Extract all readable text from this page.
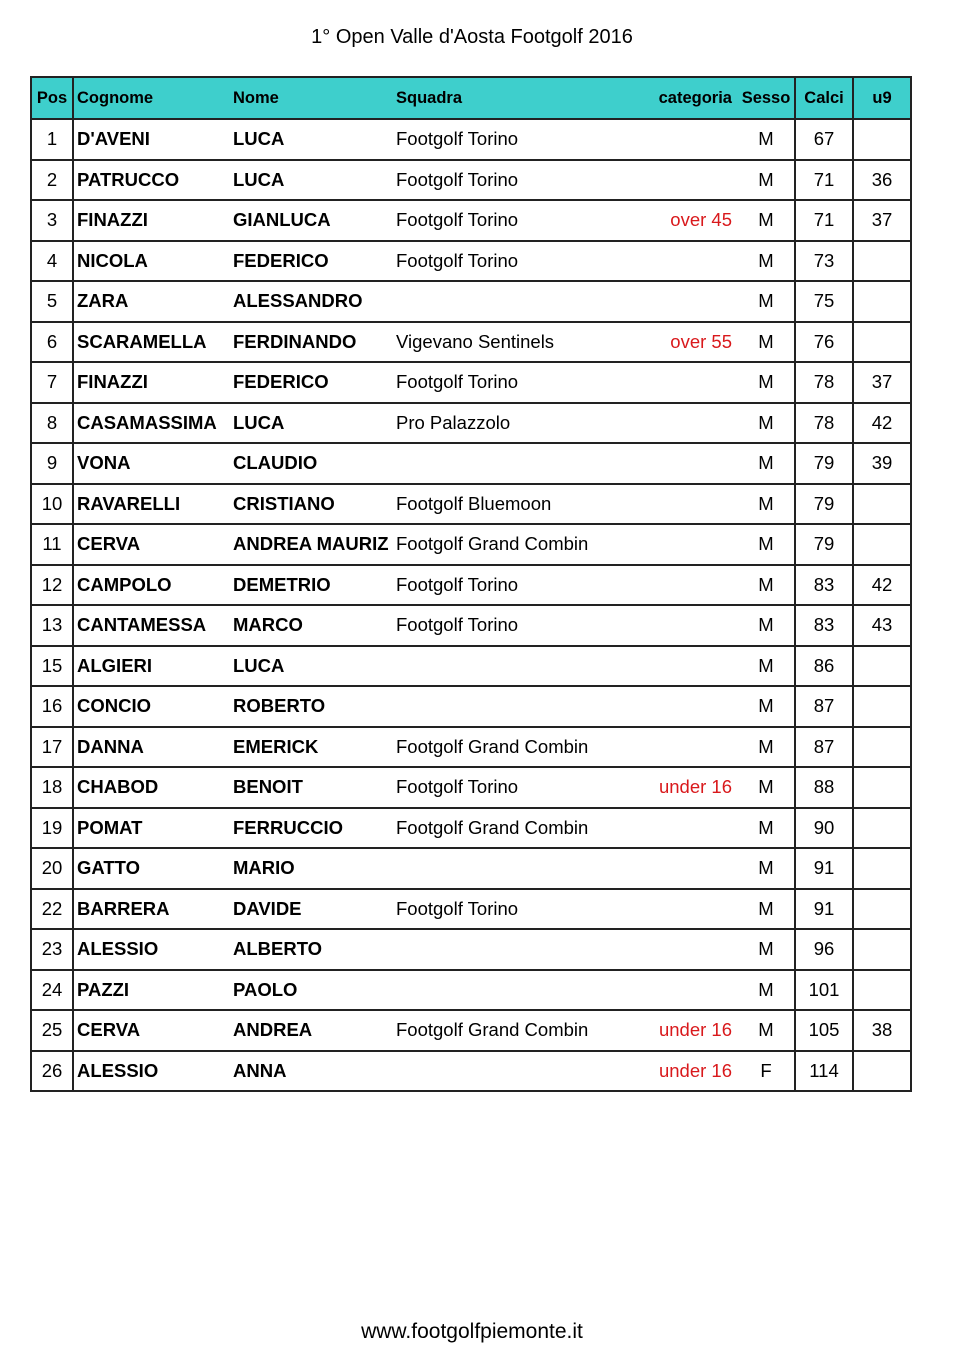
1° Open Valle d'Aosta Footgolf 2016
Pos	Cognome	Nome	Squadra	categoria	Sesso	Calci	u9
1	D'AVENI	LUCA	Footgolf Torino		M	67	
2	PATRUCCO	LUCA	Footgolf Torino		M	71	36
3	FINAZZI	GIANLUCA	Footgolf Torino	over 45	M	71	37
4	NICOLA	FEDERICO	Footgolf Torino		M	73	
5	ZARA	ALESSANDRO			M	75	
6	SCARAMELLA	FERDINANDO	Vigevano Sentinels	over 55	M	76	
7	FINAZZI	FEDERICO	Footgolf Torino		M	78	37
8	CASAMASSIMA	LUCA	Pro Palazzolo		M	78	42
9	VONA	CLAUDIO			M	79	39
10	RAVARELLI	CRISTIANO	Footgolf Bluemoon		M	79	
11	CERVA	ANDREA MAURIZ	Footgolf Grand Combin		M	79	
12	CAMPOLO	DEMETRIO	Footgolf Torino		M	83	42
13	CANTAMESSA	MARCO	Footgolf Torino		M	83	43
15	ALGIERI	LUCA			M	86	
16	CONCIO	ROBERTO			M	87	
17	DANNA	EMERICK	Footgolf Grand Combin		M	87	
18	CHABOD	BENOIT	Footgolf Torino	under 16	M	88	
19	POMAT	FERRUCCIO	Footgolf Grand Combin		M	90	
20	GATTO	MARIO			M	91	
22	BARRERA	DAVIDE	Footgolf Torino		M	91	
23	ALESSIO	ALBERTO			M	96	
24	PAZZI	PAOLO			M	101	
25	CERVA	ANDREA	Footgolf Grand Combin	under 16	M	105	38
26	ALESSIO	ANNA		under 16	F	114	
www.footgolfpiemonte.it
